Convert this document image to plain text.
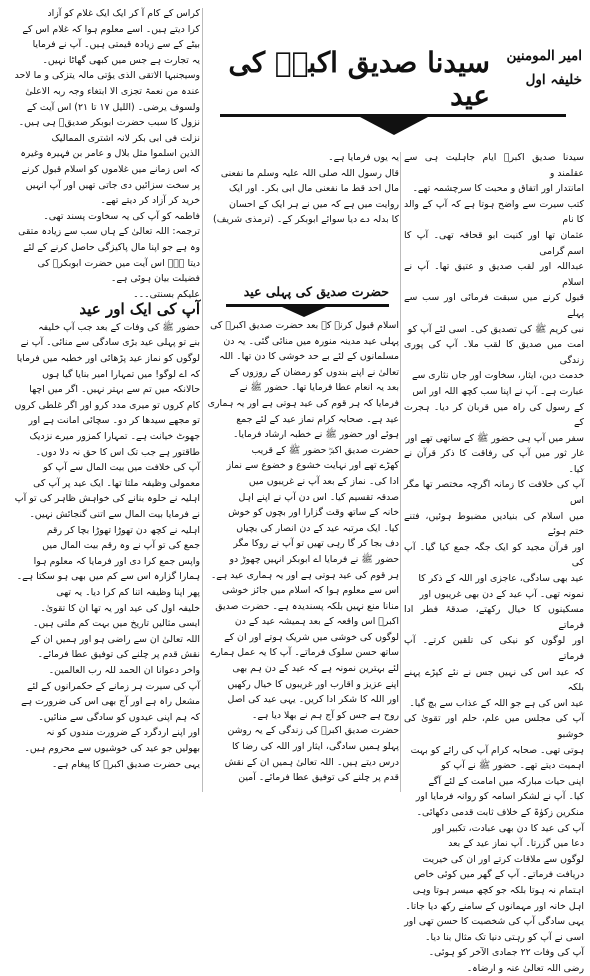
امیر المومنین
خلیفہ اول
سیدنا صدیق اکبرؓ کی عید

سیدنا صدیق اکبرؓ ایام جاہلیت ہی سے عقلمند و

امانتدار اور اتفاق و محبت کا سرچشمہ تھے۔

کتب سیرت سے واضح ہوتا ہے کہ آپ کے والد کا نام

عثمان تھا اور کنیت ابو قحافہ تھی۔ آپ کا اسم گرامی

عبداللہ اور لقب صدیق و عتیق تھا۔ آپ نے اسلام

قبول کرنے میں سبقت فرمائی اور سب سے پہلے

نبی کریم ﷺ کی تصدیق کی۔ اسی لئے آپ کو

امت میں صدیق کا لقب ملا۔ آپ کی پوری زندگی

خدمت دین، ایثار، سخاوت اور جاں نثاری سے

عبارت ہے۔ آپ نے اپنا سب کچھ اللہ اور اس

کے رسول کی راہ میں قربان کر دیا۔ ہجرت کے

سفر میں آپ ہی حضور ﷺ کے ساتھی تھے اور

غار ثور میں آپ کی رفاقت کا ذکر قرآن نے کیا۔

آپ کی خلافت کا زمانہ اگرچہ مختصر تھا مگر اس

میں اسلام کی بنیادیں مضبوط ہوئیں، فتنے ختم ہوئے

اور قرآن مجید کو ایک جگہ جمع کیا گیا۔ آپ کی

عید بھی سادگی، عاجزی اور اللہ کے ذکر کا

نمونہ تھی۔ آپ عید کے دن بھی غریبوں اور

مسکینوں کا خیال رکھتے، صدقۂ فطر ادا فرماتے

اور لوگوں کو نیکی کی تلقین کرتے۔ آپ فرماتے

کہ عید اس کی نہیں جس نے نئے کپڑے پہنے بلکہ

عید اس کی ہے جو اللہ کے عذاب سے بچ گیا۔

آپ کی مجلس میں علم، حلم اور تقویٰ کی خوشبو

ہوتی تھی۔ صحابہ کرام آپ کی رائے کو بہت

اہمیت دیتے تھے۔ حضور ﷺ نے آپ کو

اپنی حیات مبارکہ میں امامت کے لئے آگے

کیا۔ آپ نے لشکر اسامہ کو روانہ فرمایا اور

منکرین زکوٰۃ کے خلاف ثابت قدمی دکھائی۔

آپ کی عید کا دن بھی عبادت، تکبیر اور

دعا میں گزرتا۔ آپ نماز عید کے بعد

لوگوں سے ملاقات کرتے اور ان کی خیریت

دریافت فرماتے۔ آپ کے گھر میں کوئی خاص

اہتمام نہ ہوتا بلکہ جو کچھ میسر ہوتا وہی

اہل خانہ اور مہمانوں کے سامنے رکھ دیا جاتا۔

یہی سادگی آپ کی شخصیت کا حسن تھی اور

اسی نے آپ کو رہتی دنیا تک مثال بنا دیا۔

آپ کی وفات ۲۲ جمادی الآخر کو ہوئی۔

رضی اللہ تعالیٰ عنہ و ارضاہ۔

یہ یوں فرمایا ہے۔

قال رسول اللہ صلی اللہ علیہ وسلم ما نفعنی

مال احد قط ما نفعنی مال ابی بکر۔ اور ایک

روایت میں ہے کہ میں نے ہر ایک کے احسان

کا بدلہ دے دیا سوائے ابوبکر کے۔ (ترمذی شریف)

اسلام قبول کرنے کے بعد حضرت صدیق اکبرؓ کی

پہلی عید مدینہ منورہ میں منائی گئی۔ یہ دن

مسلمانوں کے لئے بے حد خوشی کا دن تھا۔ اللہ

تعالیٰ نے اپنے بندوں کو رمضان کے روزوں کے

بعد یہ انعام عطا فرمایا تھا۔ حضور ﷺ نے

فرمایا کہ ہر قوم کی عید ہوتی ہے اور یہ ہماری

عید ہے۔ صحابہ کرام نماز عید کے لئے جمع

ہوئے اور حضور ﷺ نے خطبہ ارشاد فرمایا۔

حضرت صدیق اکبرؓ حضور ﷺ کے قریب

کھڑے تھے اور نہایت خشوع و خضوع سے نماز

ادا کی۔ نماز کے بعد آپ نے غریبوں میں

صدقہ تقسیم کیا۔ اس دن آپ نے اپنے اہل

خانہ کے ساتھ وقت گزارا اور بچوں کو خوش

کیا۔ ایک مرتبہ عید کے دن انصار کی بچیاں

دف بجا کر گا رہی تھیں تو آپ نے روکا مگر

حضور ﷺ نے فرمایا اے ابوبکر انہیں چھوڑ دو

ہر قوم کی عید ہوتی ہے اور یہ ہماری عید ہے۔

اس سے معلوم ہوا کہ اسلام میں جائز خوشی

منانا منع نہیں بلکہ پسندیدہ ہے۔ حضرت صدیق

اکبرؓ اس واقعہ کے بعد ہمیشہ عید کے دن

لوگوں کی خوشی میں شریک ہوتے اور ان کے

ساتھ حسن سلوک فرماتے۔ آپ کا یہ عمل ہمارے

لئے بہترین نمونہ ہے کہ عید کے دن ہم بھی

اپنے عزیز و اقارب اور غریبوں کا خیال رکھیں

اور اللہ کا شکر ادا کریں۔ یہی عید کی اصل

روح ہے جس کو آج ہم نے بھلا دیا ہے۔

حضرت صدیق اکبرؓ کی زندگی کے یہ روشن

پہلو ہمیں سادگی، ایثار اور اللہ کی رضا کا

درس دیتے ہیں۔ اللہ تعالیٰ ہمیں ان کے نقش

قدم پر چلنے کی توفیق عطا فرمائے۔ آمین

حضرت صدیق کی پہلی عید

کراس کے کام آ کر ایک ایک غلام کو آزاد

کرا دیتے ہیں۔ اسے معلوم ہوا کہ غلام اس کے

بیٹے کے سے زیادہ قیمتی ہیں۔ آپ نے فرمایا

یہ تجارت ہے جس میں کبھی گھاٹا نہیں۔

وسیجنبہا الاتقی الذی یؤتی مالہ یتزکی و ما لاحد

عندہ من نعمۃ تجزی الا ابتغاء وجہ ربہ الاعلیٰ

ولسوف یرضی۔ (اللیل ۱۷ تا ۲۱) اس آیت کے

نزول کا سبب حضرت ابوبکر صدیقؓ ہی ہیں۔

نزلت فی ابی بکر لانہ اشتری الممالیک

الذین اسلموا مثل بلال و عامر بن فہیرہ وغیرہ

کہ اس زمانے میں غلاموں کو اسلام قبول کرنے

پر سخت سزائیں دی جاتی تھیں اور آپ انہیں

خرید کر آزاد کر دیتے تھے۔

فاطمہ کو آپ کی یہ سخاوت پسند تھی۔

ترجمہ: اللہ تعالیٰ کے ہاں سب سے زیادہ متقی

وہ ہے جو اپنا مال پاکیزگی حاصل کرنے کے لئے

دیتا ہے۔ اس آیت میں حضرت ابوبکرؓ کی

فضیلت بیان ہوئی ہے۔

علیکم بسنتی۔۔۔

آپ کی ایک اور عید

حضور ﷺ کی وفات کے بعد جب آپ خلیفہ

بنے تو پہلی عید بڑی سادگی سے منائی۔ آپ نے

لوگوں کو نماز عید پڑھائی اور خطبہ میں فرمایا

کہ اے لوگو! میں تمہارا امیر بنایا گیا ہوں

حالانکہ میں تم سے بہتر نہیں۔ اگر میں اچھا

کام کروں تو میری مدد کرو اور اگر غلطی کروں

تو مجھے سیدھا کر دو۔ سچائی امانت ہے اور

جھوٹ خیانت ہے۔ تمہارا کمزور میرے نزدیک

طاقتور ہے جب تک اس کا حق نہ دلا دوں۔

آپ کی خلافت میں بیت المال سے آپ کو

معمولی وظیفہ ملتا تھا۔ ایک عید پر آپ کی

اہلیہ نے حلوہ بنانے کی خواہش ظاہر کی تو آپ

نے فرمایا بیت المال سے اتنی گنجائش نہیں۔

اہلیہ نے کچھ دن تھوڑا تھوڑا بچا کر رقم

جمع کی تو آپ نے وہ رقم بیت المال میں

واپس جمع کرا دی اور فرمایا کہ معلوم ہوا

ہمارا گزارہ اس سے کم میں بھی ہو سکتا ہے۔

پھر اپنا وظیفہ اتنا کم کرا دیا۔ یہ تھی

خلیفہ اول کی عید اور یہ تھا ان کا تقویٰ۔

ایسی مثالیں تاریخ میں بہت کم ملتی ہیں۔

اللہ تعالیٰ ان سے راضی ہو اور ہمیں ان کے

نقش قدم پر چلنے کی توفیق عطا فرمائے۔

واخر دعوانا ان الحمد للہ رب العالمین۔

آپ کی سیرت ہر زمانے کے حکمرانوں کے لئے

مشعل راہ ہے اور آج بھی اس کی ضرورت ہے

کہ ہم اپنی عیدوں کو سادگی سے منائیں۔

اور اپنے اردگرد کے ضرورت مندوں کو نہ

بھولیں جو عید کی خوشیوں سے محروم ہیں۔

یہی حضرت صدیق اکبرؓ کا پیغام ہے۔
